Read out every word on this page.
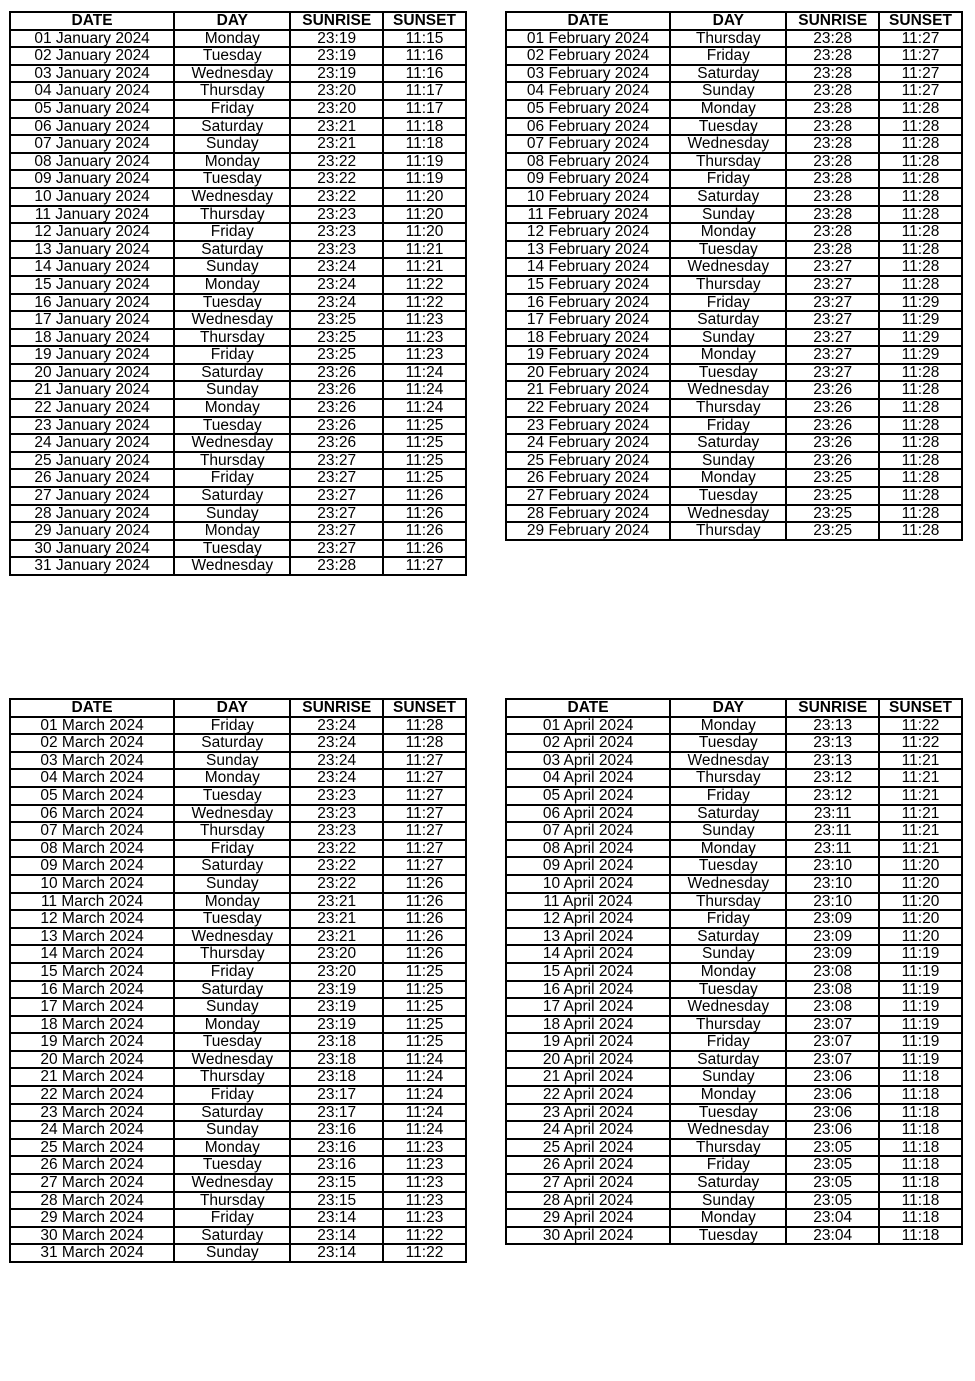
DATE	DAY	SUNRISE	SUNSET
01 January 2024	Monday	23:19	11:15
02 January 2024	Tuesday	23:19	11:16
03 January 2024	Wednesday	23:19	11:16
04 January 2024	Thursday	23:20	11:17
05 January 2024	Friday	23:20	11:17
06 January 2024	Saturday	23:21	11:18
07 January 2024	Sunday	23:21	11:18
08 January 2024	Monday	23:22	11:19
09 January 2024	Tuesday	23:22	11:19
10 January 2024	Wednesday	23:22	11:20
11 January 2024	Thursday	23:23	11:20
12 January 2024	Friday	23:23	11:20
13 January 2024	Saturday	23:23	11:21
14 January 2024	Sunday	23:24	11:21
15 January 2024	Monday	23:24	11:22
16 January 2024	Tuesday	23:24	11:22
17 January 2024	Wednesday	23:25	11:23
18 January 2024	Thursday	23:25	11:23
19 January 2024	Friday	23:25	11:23
20 January 2024	Saturday	23:26	11:24
21 January 2024	Sunday	23:26	11:24
22 January 2024	Monday	23:26	11:24
23 January 2024	Tuesday	23:26	11:25
24 January 2024	Wednesday	23:26	11:25
25 January 2024	Thursday	23:27	11:25
26 January 2024	Friday	23:27	11:25
27 January 2024	Saturday	23:27	11:26
28 January 2024	Sunday	23:27	11:26
29 January 2024	Monday	23:27	11:26
30 January 2024	Tuesday	23:27	11:26
31 January 2024	Wednesday	23:28	11:27
DATE	DAY	SUNRISE	SUNSET
01 February 2024	Thursday	23:28	11:27
02 February 2024	Friday	23:28	11:27
03 February 2024	Saturday	23:28	11:27
04 February 2024	Sunday	23:28	11:27
05 February 2024	Monday	23:28	11:28
06 February 2024	Tuesday	23:28	11:28
07 February 2024	Wednesday	23:28	11:28
08 February 2024	Thursday	23:28	11:28
09 February 2024	Friday	23:28	11:28
10 February 2024	Saturday	23:28	11:28
11 February 2024	Sunday	23:28	11:28
12 February 2024	Monday	23:28	11:28
13 February 2024	Tuesday	23:28	11:28
14 February 2024	Wednesday	23:27	11:28
15 February 2024	Thursday	23:27	11:28
16 February 2024	Friday	23:27	11:29
17 February 2024	Saturday	23:27	11:29
18 February 2024	Sunday	23:27	11:29
19 February 2024	Monday	23:27	11:29
20 February 2024	Tuesday	23:27	11:28
21 February 2024	Wednesday	23:26	11:28
22 February 2024	Thursday	23:26	11:28
23 February 2024	Friday	23:26	11:28
24 February 2024	Saturday	23:26	11:28
25 February 2024	Sunday	23:26	11:28
26 February 2024	Monday	23:25	11:28
27 February 2024	Tuesday	23:25	11:28
28 February 2024	Wednesday	23:25	11:28
29 February 2024	Thursday	23:25	11:28
DATE	DAY	SUNRISE	SUNSET
01 March 2024	Friday	23:24	11:28
02 March 2024	Saturday	23:24	11:28
03 March 2024	Sunday	23:24	11:27
04 March 2024	Monday	23:24	11:27
05 March 2024	Tuesday	23:23	11:27
06 March 2024	Wednesday	23:23	11:27
07 March 2024	Thursday	23:23	11:27
08 March 2024	Friday	23:22	11:27
09 March 2024	Saturday	23:22	11:27
10 March 2024	Sunday	23:22	11:26
11 March 2024	Monday	23:21	11:26
12 March 2024	Tuesday	23:21	11:26
13 March 2024	Wednesday	23:21	11:26
14 March 2024	Thursday	23:20	11:26
15 March 2024	Friday	23:20	11:25
16 March 2024	Saturday	23:19	11:25
17 March 2024	Sunday	23:19	11:25
18 March 2024	Monday	23:19	11:25
19 March 2024	Tuesday	23:18	11:25
20 March 2024	Wednesday	23:18	11:24
21 March 2024	Thursday	23:18	11:24
22 March 2024	Friday	23:17	11:24
23 March 2024	Saturday	23:17	11:24
24 March 2024	Sunday	23:16	11:24
25 March 2024	Monday	23:16	11:23
26 March 2024	Tuesday	23:16	11:23
27 March 2024	Wednesday	23:15	11:23
28 March 2024	Thursday	23:15	11:23
29 March 2024	Friday	23:14	11:23
30 March 2024	Saturday	23:14	11:22
31 March 2024	Sunday	23:14	11:22
DATE	DAY	SUNRISE	SUNSET
01 April 2024	Monday	23:13	11:22
02 April 2024	Tuesday	23:13	11:22
03 April 2024	Wednesday	23:13	11:21
04 April 2024	Thursday	23:12	11:21
05 April 2024	Friday	23:12	11:21
06 April 2024	Saturday	23:11	11:21
07 April 2024	Sunday	23:11	11:21
08 April 2024	Monday	23:11	11:21
09 April 2024	Tuesday	23:10	11:20
10 April 2024	Wednesday	23:10	11:20
11 April 2024	Thursday	23:10	11:20
12 April 2024	Friday	23:09	11:20
13 April 2024	Saturday	23:09	11:20
14 April 2024	Sunday	23:09	11:19
15 April 2024	Monday	23:08	11:19
16 April 2024	Tuesday	23:08	11:19
17 April 2024	Wednesday	23:08	11:19
18 April 2024	Thursday	23:07	11:19
19 April 2024	Friday	23:07	11:19
20 April 2024	Saturday	23:07	11:19
21 April 2024	Sunday	23:06	11:18
22 April 2024	Monday	23:06	11:18
23 April 2024	Tuesday	23:06	11:18
24 April 2024	Wednesday	23:06	11:18
25 April 2024	Thursday	23:05	11:18
26 April 2024	Friday	23:05	11:18
27 April 2024	Saturday	23:05	11:18
28 April 2024	Sunday	23:05	11:18
29 April 2024	Monday	23:04	11:18
30 April 2024	Tuesday	23:04	11:18
